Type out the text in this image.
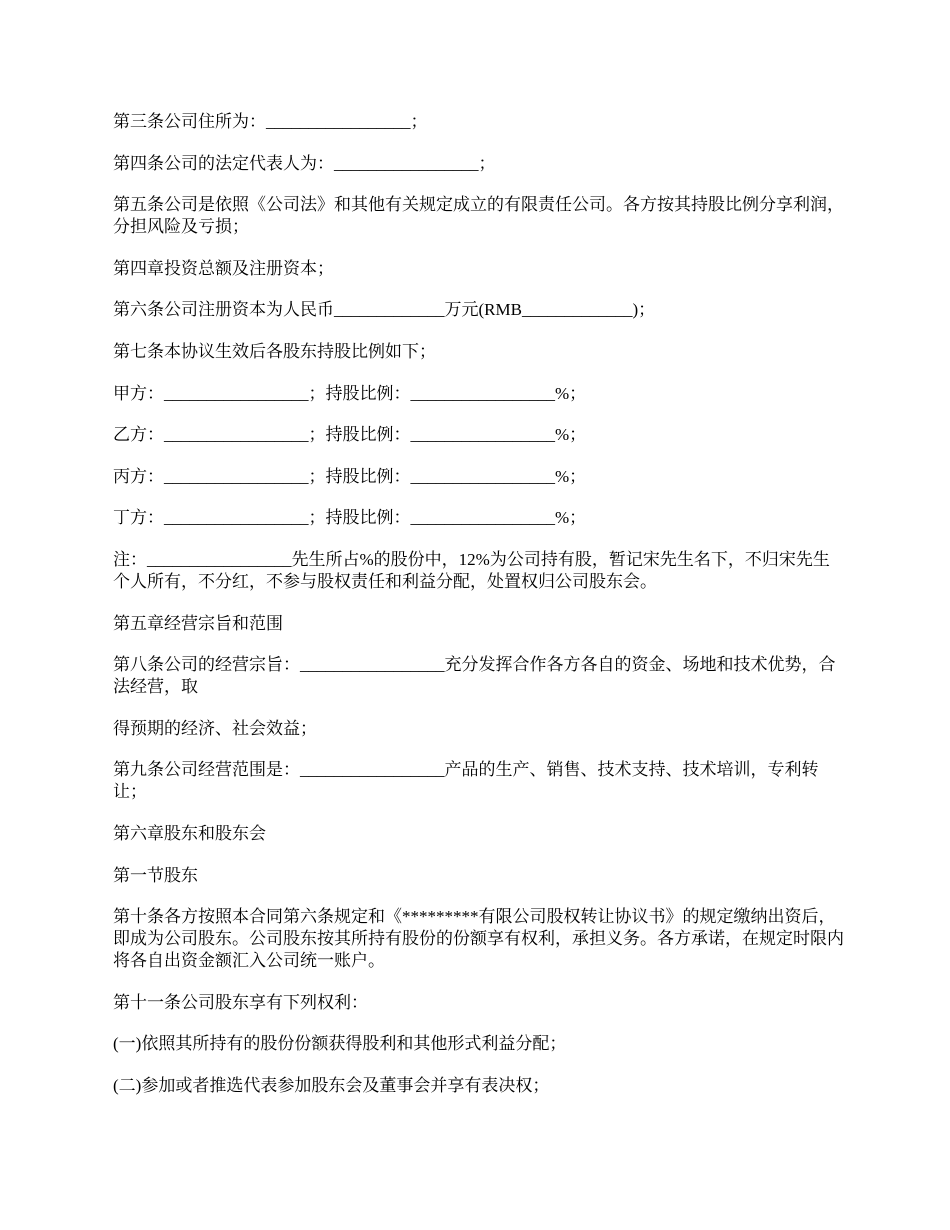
第三条公司住所为：_________________；

第四条公司的法定代表人为：_________________；

第五条公司是依照《公司法》和其他有关规定成立的有限责任公司。各方按其持股比例分享利润，分担风险及亏损；

第四章投资总额及注册资本；

第六条公司注册资本为人民币_____________万元(RMB_____________)；

第七条本协议生效后各股东持股比例如下；

甲方：_________________；持股比例：_________________%；

乙方：_________________；持股比例：_________________%；

丙方：_________________；持股比例：_________________%；

丁方：_________________；持股比例：_________________%；

注：_________________先生所占%的股份中，12%为公司持有股，暂记宋先生名下，不归宋先生个人所有，不分红，不参与股权责任和利益分配，处置权归公司股东会。

第五章经营宗旨和范围

第八条公司的经营宗旨：_________________充分发挥合作各方各自的资金、场地和技术优势，合法经营，取

得预期的经济、社会效益；

第九条公司经营范围是：_________________产品的生产、销售、技术支持、技术培训，专利转让；

第六章股东和股东会

第一节股东

第十条各方按照本合同第六条规定和《*********有限公司股权转让协议书》的规定缴纳出资后，即成为公司股东。公司股东按其所持有股份的份额享有权利，承担义务。各方承诺，在规定时限内将各自出资金额汇入公司统一账户。

第十一条公司股东享有下列权利：

(一)依照其所持有的股份份额获得股利和其他形式利益分配；

(二)参加或者推选代表参加股东会及董事会并享有表决权；
